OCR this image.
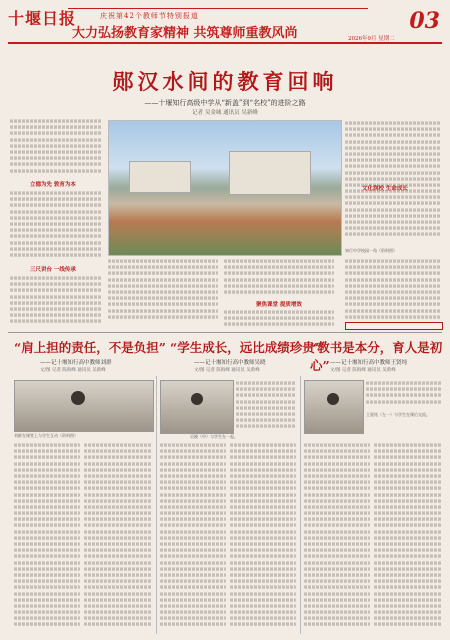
十堰日报	庆祝第42个教师节特别报道
大力弘扬教育家精神 共筑尊师重教风尚	03
2026年9月 星期二
郧汉水间的教育回响
——十堰知行高级中学从“新盖”到“名校”的进阶之路
记者 吴金城 通讯员 吴新峰
立德为先 敦育为本
三尺讲台 一线传承
聚焦课堂 提质增效
知行中学校园一角（资料图）
文化润校 生命成长
“肩上担的责任，不是负担”
——记十堰知行高中教师刘群
文/图 记者 陈海峰 通讯员 吴新峰
“学生成长，远比成绩珍贵”
——记十堰知行高中教师吴晓
文/图 记者 陈海峰 通讯员 吴新峰
“教书是本分，育人是初心” ——记十堰知行高中教师王贤纯
文/图 记者 陈海峰 通讯员 吴新峰
刘群在课堂上与学生互动（资料图）	吴晓（中）与学生在一起。
王贤纯（左一）与学生在课后交流。
